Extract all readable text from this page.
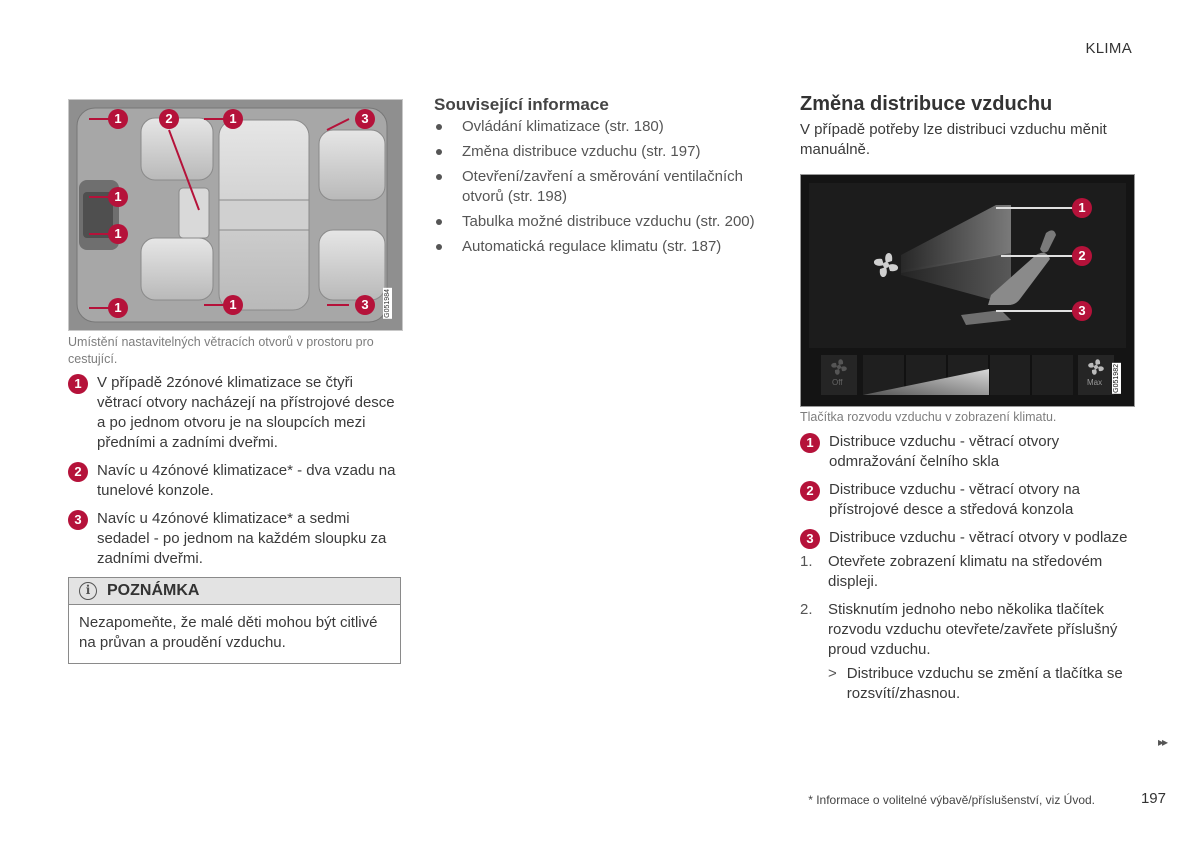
KLIMA
1	2	1	3
1
1
1	1	3	G051984
Umístění nastavitelných větracích otvorů v prostoru pro cestující.
1	V případě 2zónové klimatizace se čtyři větrací otvory nacházejí na přístrojové desce a po jednom otvoru je na sloupcích mezi předními a zadními dveřmi.
2	Navíc u 4zónové klimatizace* - dva vzadu na tunelové konzole.
3	Navíc u 4zónové klimatizace* a sedmi sedadel - po jednom na každém sloupku za zadními dveřmi.
i	POZNÁMKA
Nezapomeňte, že malé děti mohou být citlivé na průvan a proudění vzduchu.
Související informace
Ovládání klimatizace (str. 180)
Změna distribuce vzduchu (str. 197)
Otevření/zavření a směrování ventilačních otvorů (str. 198)
Tabulka možné distribuce vzduchu (str. 200)
Automatická regulace klimatu (str. 187)
Změna distribuce vzduchu
V případě potřeby lze distribuci vzduchu měnit manuálně.
1
2
3
Off	Max G051982
Tlačítka rozvodu vzduchu v zobrazení klimatu.
1	Distribuce vzduchu - větrací otvory odmražování čelního skla
2	Distribuce vzduchu - větrací otvory na přístrojové desce a středová konzola
3	Distribuce vzduchu - větrací otvory v podlaze
1.	Otevřete zobrazení klimatu na středovém displeji.
2.	Stisknutím jednoho nebo několika tlačítek rozvodu vzduchu otevřete/zavřete příslušný proud vzduchu.
> Distribuce vzduchu se změní a tlačítka se rozsvítí/zhasnou.
▸▸
* Informace o volitelné výbavě/příslušenství, viz Úvod.	197
